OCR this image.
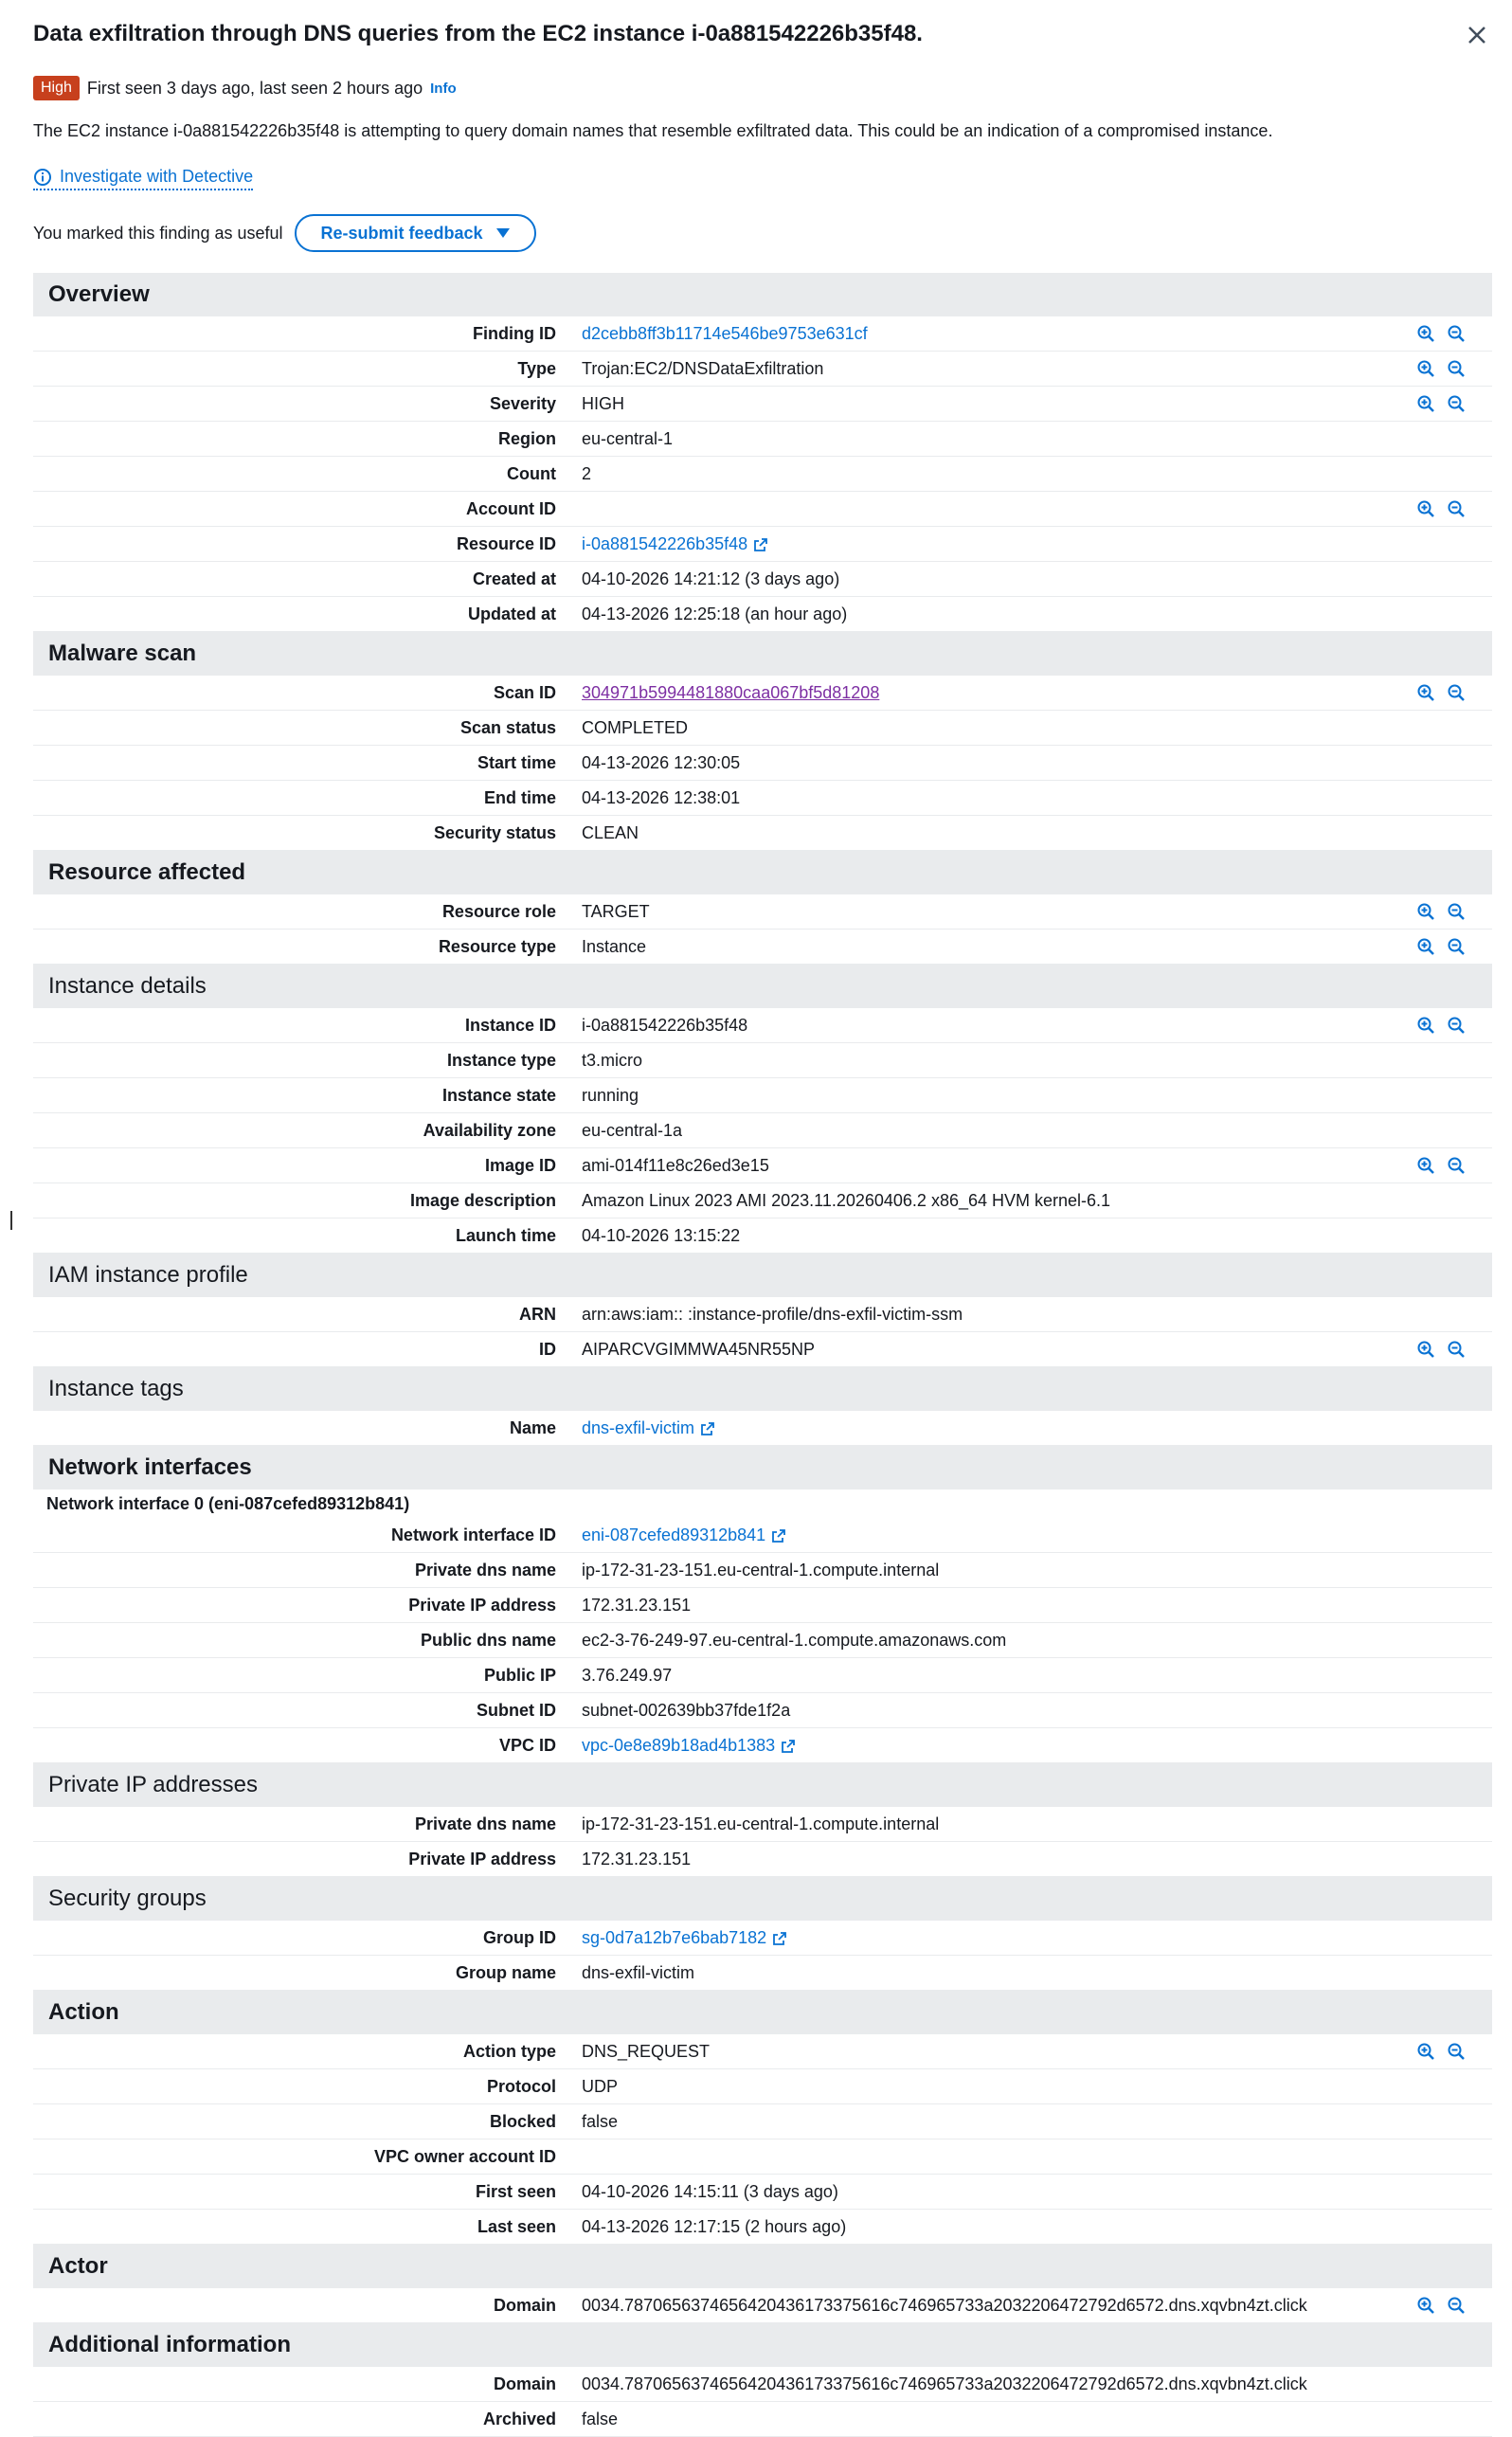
Data exfiltration through DNS queries from the EC2 instance i-0a881542226b35f48.
High First seen 3 days ago, last seen 2 hours ago Info
The EC2 instance i-0a881542226b35f48 is attempting to query domain names that resemble exfiltrated data. This could be an indication of a compromised instance.
Investigate with Detective
You marked this finding as useful Re-submit feedback
Overview
Finding ID d2cebb8ff3b11714e546be9753e631cf
Type Trojan:EC2/DNSDataExfiltration
Severity HIGH
Region eu-central-1
Count 2
Account ID
Resource ID i-0a881542226b35f48
Created at 04-10-2026 14:21:12 (3 days ago)
Updated at 04-13-2026 12:25:18 (an hour ago)
Malware scan
Scan ID 304971b5994481880caa067bf5d81208
Scan status COMPLETED
Start time 04-13-2026 12:30:05
End time 04-13-2026 12:38:01
Security status CLEAN
Resource affected
Resource role TARGET
Resource type Instance
Instance details
Instance ID i-0a881542226b35f48
Instance type t3.micro
Instance state running
Availability zone eu-central-1a
Image ID ami-014f11e8c26ed3e15
Image description Amazon Linux 2023 AMI 2023.11.20260406.2 x86_64 HVM kernel-6.1
Launch time 04-10-2026 13:15:22
IAM instance profile
ARN arn:aws:iam:: :instance-profile/dns-exfil-victim-ssm
ID AIPARCVGIMMWA45NR55NP
Instance tags
Name dns-exfil-victim
Network interfaces
Network interface 0 (eni-087cefed89312b841)
Network interface ID eni-087cefed89312b841
Private dns name ip-172-31-23-151.eu-central-1.compute.internal
Private IP address 172.31.23.151
Public dns name ec2-3-76-249-97.eu-central-1.compute.amazonaws.com
Public IP 3.76.249.97
Subnet ID subnet-002639bb37fde1f2a
VPC ID vpc-0e8e89b18ad4b1383
Private IP addresses
Private dns name ip-172-31-23-151.eu-central-1.compute.internal
Private IP address 172.31.23.151
Security groups
Group ID sg-0d7a12b7e6bab7182
Group name dns-exfil-victim
Action
Action type DNS_REQUEST
Protocol UDP
Blocked false
VPC owner account ID
First seen 04-10-2026 14:15:11 (3 days ago)
Last seen 04-13-2026 12:17:15 (2 hours ago)
Actor
Domain 0034.7870656374656420436173375616c746965733a2032206472792d6572.dns.xqvbn4zt.click
Additional information
Domain 0034.7870656374656420436173375616c746965733a2032206472792d6572.dns.xqvbn4zt.click
Archived false
